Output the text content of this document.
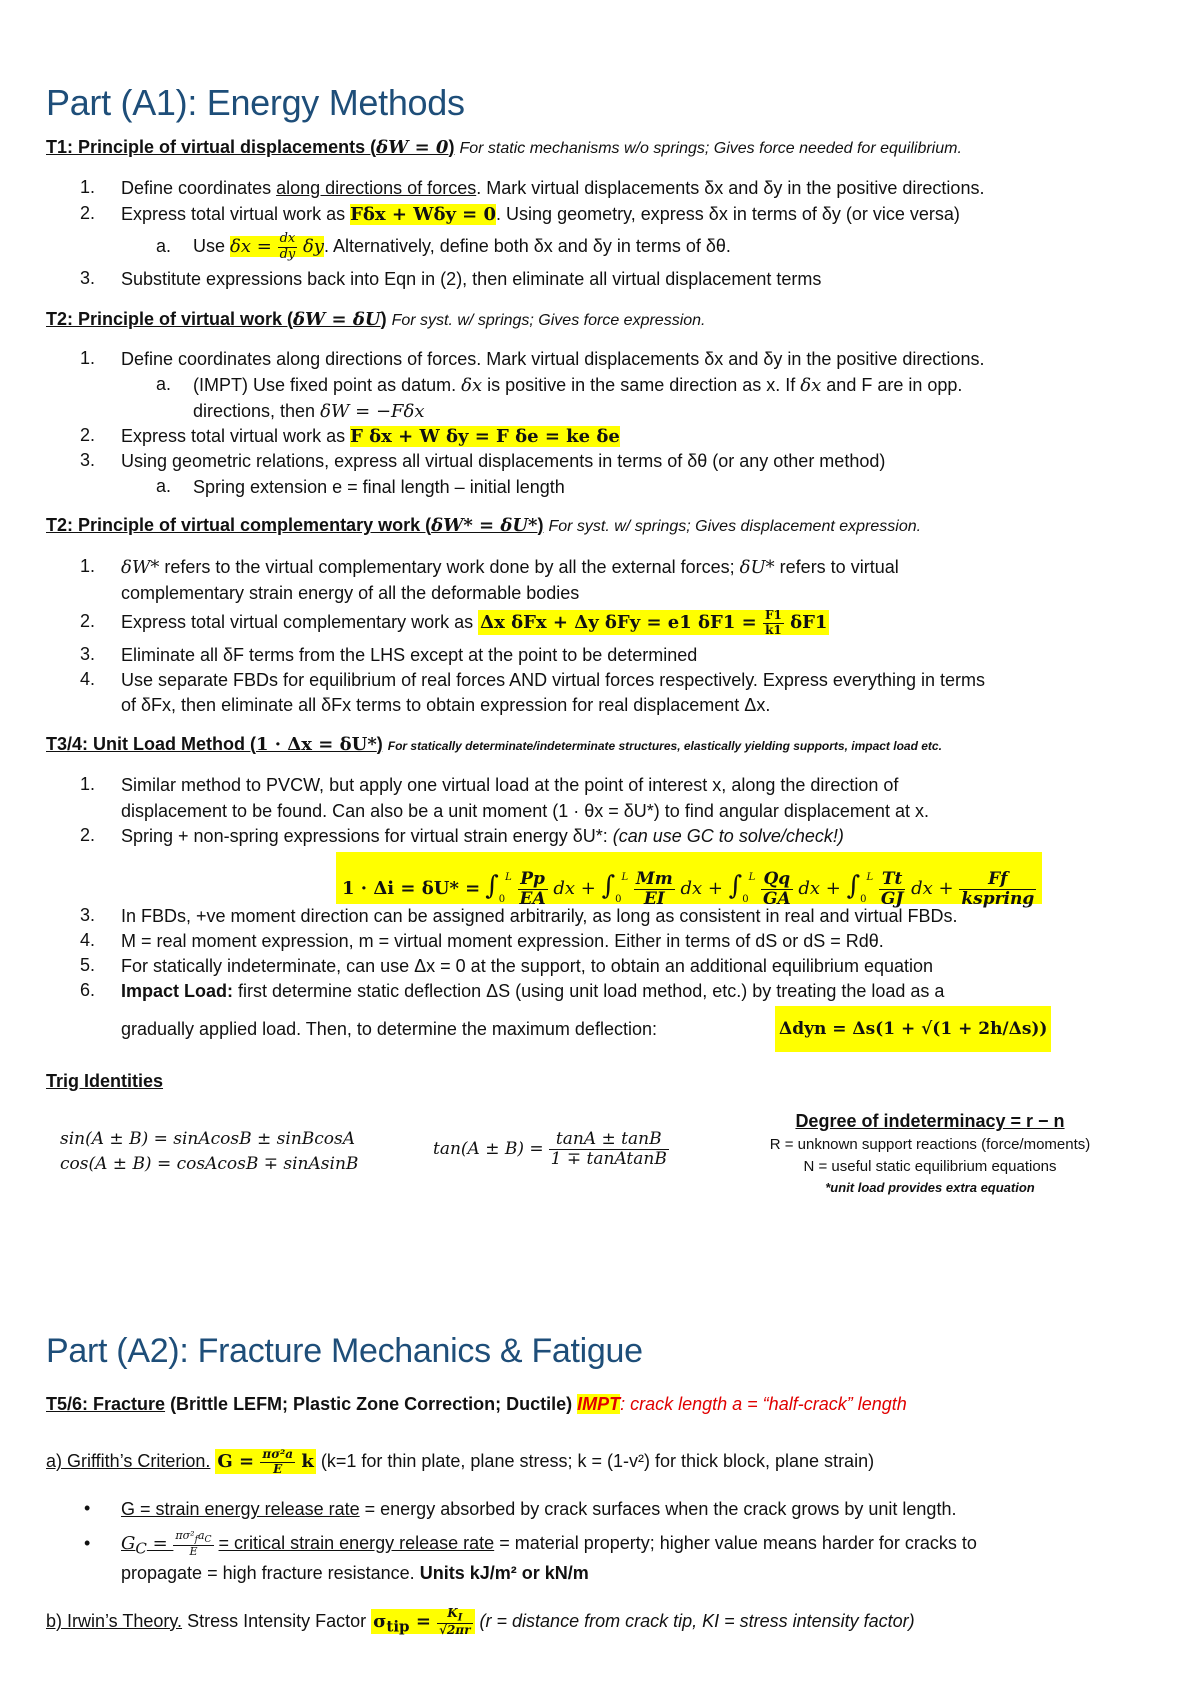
Part (A1): Energy Methods
T1: Principle of virtual displacements (δW = 0) For static mechanisms w/o springs; Gives force needed for equilibrium.
1. Define coordinates along directions of forces. Mark virtual displacements δx and δy in the positive directions.
2. Express total virtual work as Fδx + Wδy = 0. Using geometry, express δx in terms of δy (or vice versa)
a. Use $\delta x = \frac{dx}{dy} \delta y$. Alternatively, define both δx and δy in terms of δθ.
3. Substitute expressions back into Eqn in (2), then eliminate all virtual displacement terms
T2: Principle of virtual work (δW = δU) For syst. w/ springs; Gives force expression.
1. Define coordinates along directions of forces. Mark virtual displacements δx and δy in the positive directions.
a. (IMPT) Use fixed point as datum. δx is positive in the same direction as x. If δx and F are in opp.
directions, then δW = −Fδx
2. Express total virtual work as F δx + W δy = F δe = ke δe
3. Using geometric relations, express all virtual displacements in terms of δθ (or any other method)
a. Spring extension e = final length – initial length
T2: Principle of virtual complementary work (δW* = δU*) For syst. w/ springs; Gives displacement expression.
1. δW* refers to the virtual complementary work done by all the external forces; δU* refers to virtual
complementary strain energy of all the deformable bodies
2. Express total virtual complementary work as Δx δFx + Δy δFy = e1 $\delta F1 = \frac{F1}{k1} \delta F1$
3. Eliminate all δF terms from the LHS except at the point to be determined
4. Use separate FBDs for equilibrium of real forces AND virtual forces respectively. Express everything in terms
of δFx, then eliminate all δFx terms to obtain expression for real displacement Δx.
T3/4: Unit Load Method (1 · Δx = δU*) For statically determinate/indeterminate structures, elastically yielding supports, impact load etc.
1. Similar method to PVCW, but apply one virtual load at the point of interest x, along the direction of
displacement to be found. Can also be a unit moment (1 · θx = δU*) to find angular displacement at x.
2. Spring + non-spring expressions for virtual strain energy δU*: (can use GC to solve/check!)
$1 \cdot \Delta i = \delta U* = \int_0^L \frac{Pp}{EA}$ dx + $\int_0^L \frac{Mm}{EI}$ dx + $\int_0^L \frac{Qq}{GA}$ dx + $\int_0^L \frac{Tt}{GJ}$ dx + $\frac{Ff}{\text{kspring}}$
3. In FBDs, +ve moment direction can be assigned arbitrarily, as long as consistent in real and virtual FBDs.
4. M = real moment expression, m = virtual moment expression. Either in terms of dS or dS = Rdθ.
5. For statically indeterminate, can use Δx = 0 at the support, to obtain an additional equilibrium equation
6. Impact Load: first determine static deflection ΔS (using unit load method, etc.) by treating the load as a
gradually applied load. Then, to determine the maximum deflection:	Δdyn = Δs(1 + √(1 + 2h/Δs))
Trig Identities
sin(A ± B) = sinAcosB ± sinBcosA
cos(A ± B) = cosAcosB ∓ sinAsinB
$\tan(A \pm B) = \frac{\tan A \pm \tan B}{\text{1 ∓ tanAtanB}}$
Degree of indeterminacy = r − n
R = unknown support reactions (force/moments)
N = useful static equilibrium equations
*unit load provides extra equation
Part (A2): Fracture Mechanics & Fatigue
T5/6: Fracture (Brittle LEFM; Plastic Zone Correction; Ductile) IMPT: crack length a = “half-crack” length
a) Griffith’s Criterion. $G = \frac{\text{πσ²a}}{E}$ k (k=1 for thin plate, plane stress; k = (1-v²) for thick block, plane strain)
• G = strain energy release rate = energy absorbed by crack surfaces when the crack grows by unit length.
• $G_C = \frac{\pi\sigma^2_fa_C}{E}$ = critical strain energy release rate = material property; higher value means harder for cracks to
propagate = high fracture resistance. Units kJ/m² or kN/m
b) Irwin’s Theory. Stress Intensity Factor $\sigma_{tip} = \frac{K_I}{√2\pi r} (r$ = distance from crack tip, KI = stress intensity factor)
